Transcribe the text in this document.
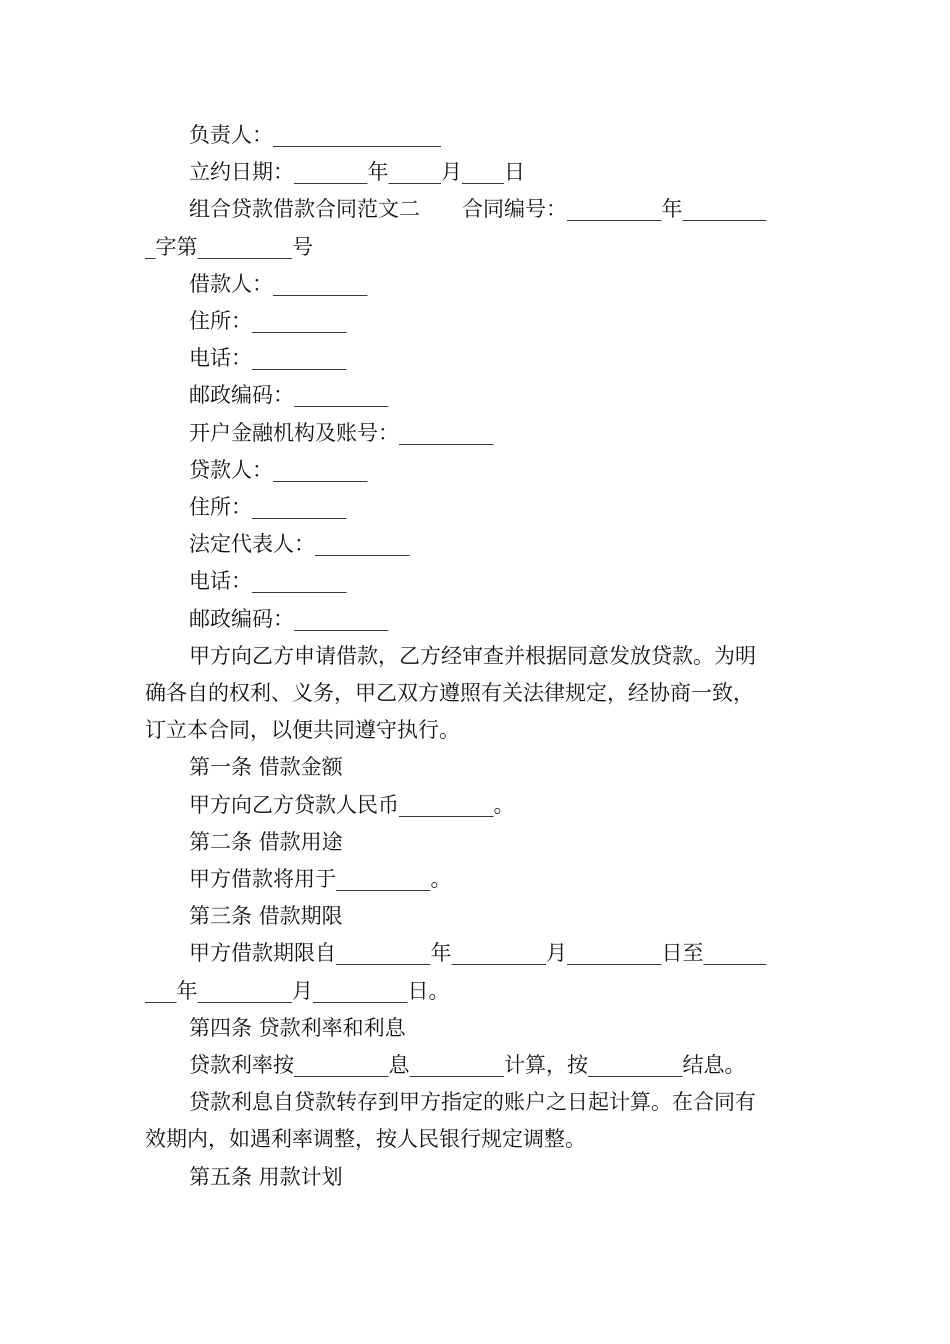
负责人：________________

立约日期：_______年_____月____日

组合贷款借款合同范文二　　合同编号：_________年________

_字第_________号

借款人：_________

住所：_________

电话：_________

邮政编码：_________

开户金融机构及账号：_________

贷款人：_________

住所：_________

法定代表人：_________

电话：_________

邮政编码：_________

甲方向乙方申请借款，乙方经审查并根据同意发放贷款。为明

确各自的权利、义务，甲乙双方遵照有关法律规定，经协商一致，

订立本合同，以便共同遵守执行。

第一条 借款金额

甲方向乙方贷款人民币_________。

第二条 借款用途

甲方借款将用于_________。

第三条 借款期限

甲方借款期限自_________年_________月_________日至______

___年_________月_________日。

第四条 贷款利率和利息

贷款利率按_________息_________计算，按_________结息。

贷款利息自贷款转存到甲方指定的账户之日起计算。在合同有

效期内，如遇利率调整，按人民银行规定调整。

第五条 用款计划
